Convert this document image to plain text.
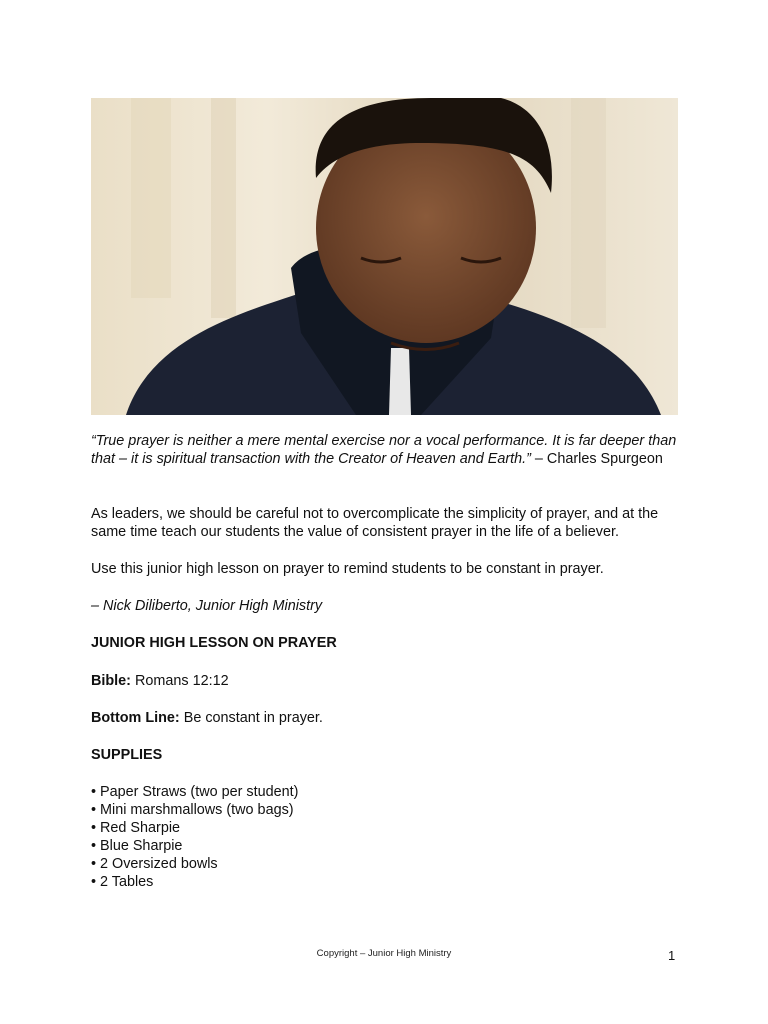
“True prayer is neither a mere mental exercise nor a vocal performance. It is far deeper than that – it is spiritual transaction with the Creator of Heaven and Earth.” – Charles Spurgeon
As leaders, we should be careful not to overcomplicate the simplicity of prayer, and at the same time teach our students the value of consistent prayer in the life of a believer.
Use this junior high lesson on prayer to remind students to be constant in prayer.
– Nick Diliberto, Junior High Ministry
JUNIOR HIGH LESSON ON PRAYER
Bible: Romans 12:12
Bottom Line: Be constant in prayer.
SUPPLIES
• Paper Straws (two per student)
• Mini marshmallows (two bags)
• Red Sharpie
• Blue Sharpie
• 2 Oversized bowls
• 2 Tables
Copyright – Junior High Ministry	1
